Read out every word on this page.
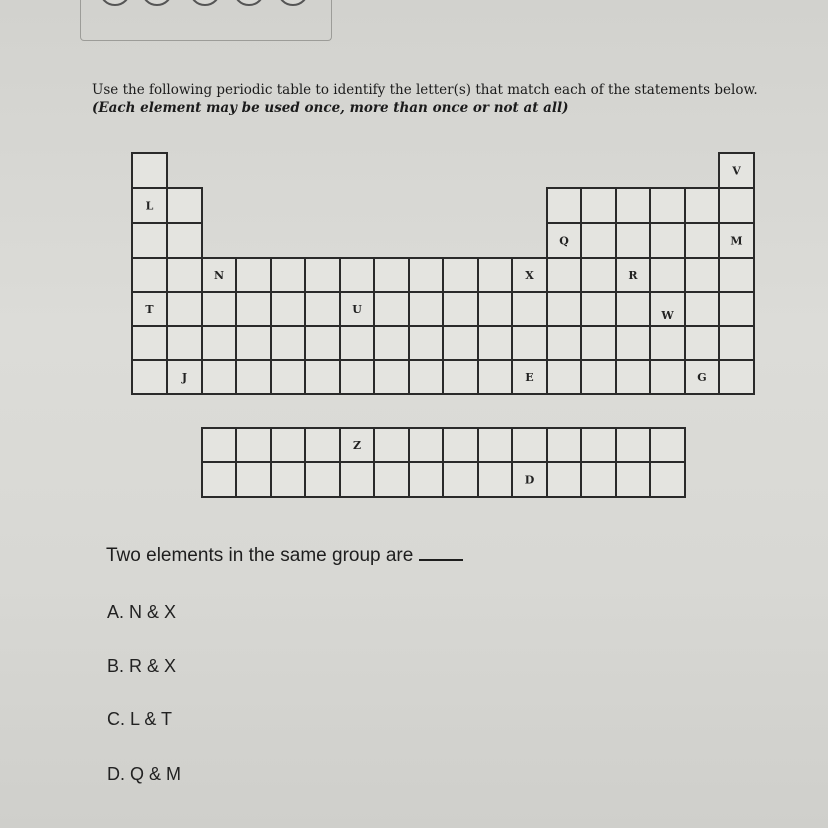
Use the following periodic table to identify the letter(s) that match each of the statements below.
(Each element may be used once, more than once or not at all)
V
L
Q	M
N	X	R
T	U	W
J	E	G
Z
D
Two elements in the same group are
A. N & X
B. R & X
C. L & T
D. Q & M
